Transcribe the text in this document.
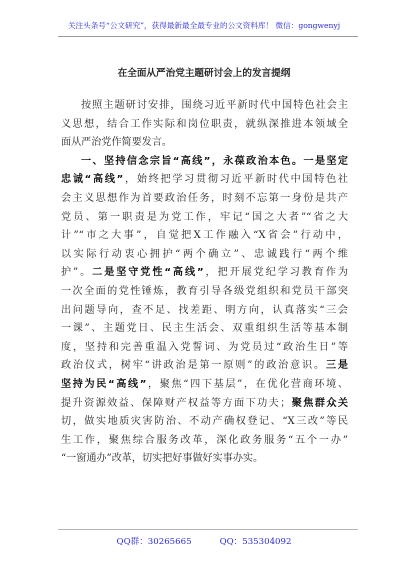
关注头条号“公文研究”，获得最新最全最专业的公文资料库！ 微信：gongwenyj
在全面从严治党主题研讨会上的发言提纲
按照主题研讨安排，围绕习近平新时代中国特色社会主
义思想，结合工作实际和岗位职责，就纵深推进本领域全
面从严治党作简要发言。
一、坚持信念宗旨“高线”，永葆政治本色。一是坚定
忠诚“高线”，始终把学习贯彻习近平新时代中国特色社
会主义思想作为首要政治任务，时刻不忘第一身份是共产
党员、第一职责是为党工作，牢记“国之大者”“省之大
计”“市之大事”，自觉把X工作融入“X省会”行动中，
以实际行动衷心拥护“两个确立”、忠诚践行“两个维
护”。二是坚守党性“高线”，把开展党纪学习教育作为
一次全面的党性锤炼，教育引导各级党组织和党员干部突
出问题导向，查不足、找差距、明方向，认真落实“三会
一课”、主题党日、民主生活会、双重组织生活等基本制
度，坚持和完善重温入党誓词、为党员过“政治生日”等
政治仪式，树牢“讲政治是第一原则”的政治意识。三是
坚持为民“高线”，聚焦“四下基层”，在优化营商环境、
提升资源效益、保障财产权益等方面下功夫；聚焦群众关
切，做实地质灾害防治、不动产确权登记、“X三改”等民
生工作，聚焦综合服务改革，深化政务服务“五个一办”
“一窗通办”改革，切实把好事做好实事办实。
QQ群：30265665	QQ：535304092
